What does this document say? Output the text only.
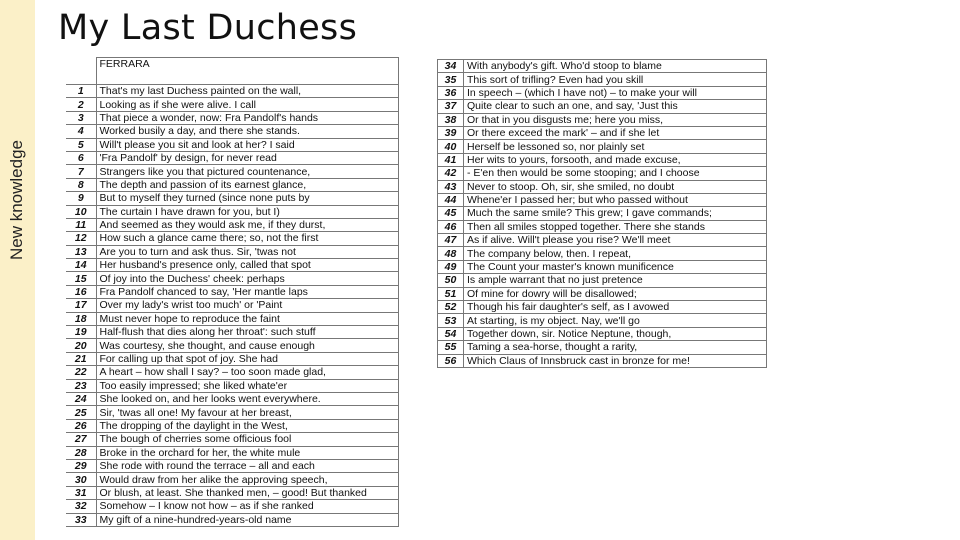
New knowledge
My Last Duchess
	FERRARA
1	That's my last Duchess painted on the wall,
2	Looking as if she were alive. I call
3	That piece a wonder, now: Fra Pandolf's hands
4	Worked busily a day, and there she stands.
5	Will't please you sit and look at her? I said
6	'Fra Pandolf' by design, for never read
7	Strangers like you that pictured countenance,
8	The depth and passion of its earnest glance,
9	But to myself they turned (since none puts by
10	The curtain I have drawn for you, but I)
11	And seemed as they would ask me, if they durst,
12	How such a glance came there; so, not the first
13	Are you to turn and ask thus. Sir, 'twas not
14	Her husband's presence only, called that spot
15	Of joy into the Duchess' cheek: perhaps
16	Fra Pandolf chanced to say, 'Her mantle laps
17	Over my lady's wrist too much' or 'Paint
18	Must never hope to reproduce the faint
19	Half-flush that dies along her throat': such stuff
20	Was courtesy, she thought, and cause enough
21	For calling up that spot of joy. She had
22	A heart – how shall I say? – too soon made glad,
23	Too easily impressed; she liked whate'er
24	She looked on, and her looks went everywhere.
25	Sir, 'twas all one! My favour at her breast,
26	The dropping of the daylight in the West,
27	The bough of cherries some officious fool
28	Broke in the orchard for her, the white mule
29	She rode with round the terrace – all and each
30	Would draw from her alike the approving speech,
31	Or blush, at least. She thanked men, – good! But thanked
32	Somehow – I know not how – as if she ranked
33	My gift of a nine-hundred-years-old name
34	With anybody's gift. Who'd stoop to blame
35	This sort of trifling? Even had you skill
36	In speech – (which I have not) – to make your will
37	Quite clear to such an one, and say, 'Just this
38	Or that in you disgusts me; here you miss,
39	Or there exceed the mark' – and if she let
40	Herself be lessoned so, nor plainly set
41	Her wits to yours, forsooth, and made excuse,
42	- E'en then would be some stooping; and I choose
43	Never to stoop. Oh, sir, she smiled, no doubt
44	Whene'er I passed her; but who passed without
45	Much the same smile? This grew; I gave commands;
46	Then all smiles stopped together. There she stands
47	As if alive. Will't please you rise? We'll meet
48	The company below, then. I repeat,
49	The Count your master's known munificence
50	Is ample warrant that no just pretence
51	Of mine for dowry will be disallowed;
52	Though his fair daughter's self, as I avowed
53	At starting, is my object. Nay, we'll go
54	Together down, sir. Notice Neptune, though,
55	Taming a sea-horse, thought a rarity,
56	Which Claus of Innsbruck cast in bronze for me!
